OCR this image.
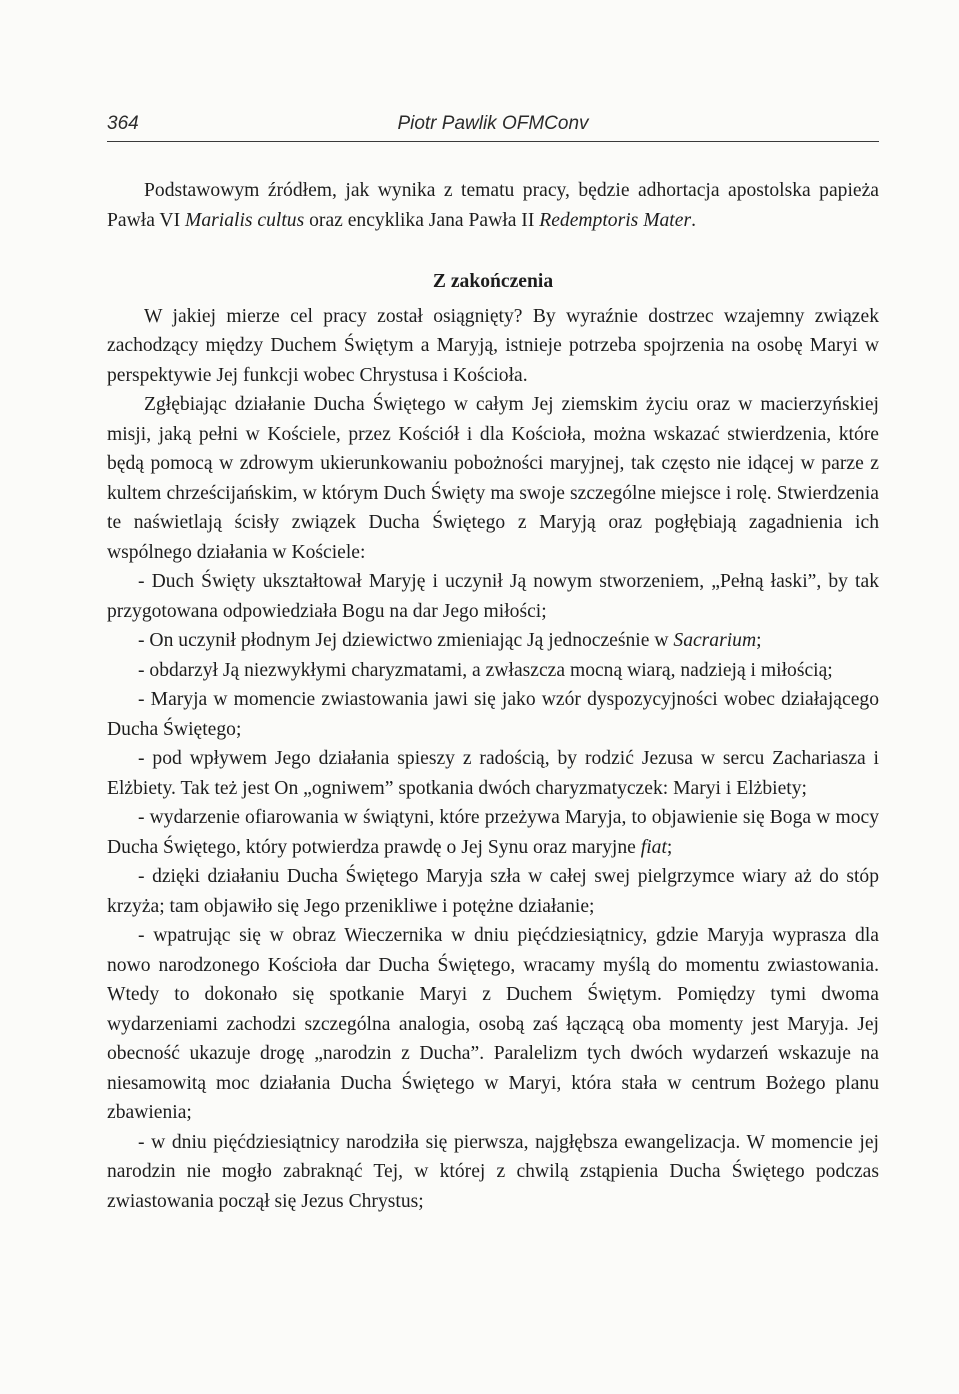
364	Piotr Pawlik OFMConv

Podstawowym źródłem, jak wynika z tematu pracy, będzie adhortacja apostolska papieża Pawła VI Marialis cultus oraz encyklika Jana Pawła II Redemptoris Mater.

Z zakończenia

W jakiej mierze cel pracy został osiągnięty? By wyraźnie dostrzec wzajemny związek zachodzący między Duchem Świętym a Maryją, istnieje potrzeba spojrzenia na osobę Maryi w perspektywie Jej funkcji wobec Chrystusa i Kościoła.

Zgłębiając działanie Ducha Świętego w całym Jej ziemskim życiu oraz w macierzyńskiej misji, jaką pełni w Kościele, przez Kościół i dla Kościoła, można wskazać stwierdzenia, które będą pomocą w zdrowym ukierunkowaniu pobożności maryjnej, tak często nie idącej w parze z kultem chrześcijańskim, w którym Duch Święty ma swoje szczególne miejsce i rolę. Stwierdzenia te naświetlają ścisły związek Ducha Świętego z Maryją oraz pogłębiają zagadnienia ich wspólnego działania w Kościele:

- Duch Święty ukształtował Maryję i uczynił Ją nowym stworzeniem, „Pełną łaski”, by tak przygotowana odpowiedziała Bogu na dar Jego miłości;

- On uczynił płodnym Jej dziewictwo zmieniając Ją jednocześnie w Sacrarium;

- obdarzył Ją niezwykłymi charyzmatami, a zwłaszcza mocną wiarą, nadzieją i miłością;

- Maryja w momencie zwiastowania jawi się jako wzór dyspozycyjności wobec działającego Ducha Świętego;

- pod wpływem Jego działania spieszy z radością, by rodzić Jezusa w sercu Zachariasza i Elżbiety. Tak też jest On „ogniwem” spotkania dwóch charyzmatyczek: Maryi i Elżbiety;

- wydarzenie ofiarowania w świątyni, które przeżywa Maryja, to objawienie się Boga w mocy Ducha Świętego, który potwierdza prawdę o Jej Synu oraz maryjne fiat;

- dzięki działaniu Ducha Świętego Maryja szła w całej swej pielgrzymce wiary aż do stóp krzyża; tam objawiło się Jego przenikliwe i potężne działanie;

- wpatrując się w obraz Wieczernika w dniu pięćdziesiątnicy, gdzie Maryja wyprasza dla nowo narodzonego Kościoła dar Ducha Świętego, wracamy myślą do momentu zwiastowania. Wtedy to dokonało się spotkanie Maryi z Duchem Świętym. Pomiędzy tymi dwoma wydarzeniami zachodzi szczególna analogia, osobą zaś łączącą oba momenty jest Maryja. Jej obecność ukazuje drogę „narodzin z Ducha”. Paralelizm tych dwóch wydarzeń wskazuje na niesamowitą moc działania Ducha Świętego w Maryi, która stała w centrum Bożego planu zbawienia;

- w dniu pięćdziesiątnicy narodziła się pierwsza, najgłębsza ewangelizacja. W momencie jej narodzin nie mogło zabraknąć Tej, w której z chwilą zstąpienia Ducha Świętego podczas zwiastowania począł się Jezus Chrystus;
